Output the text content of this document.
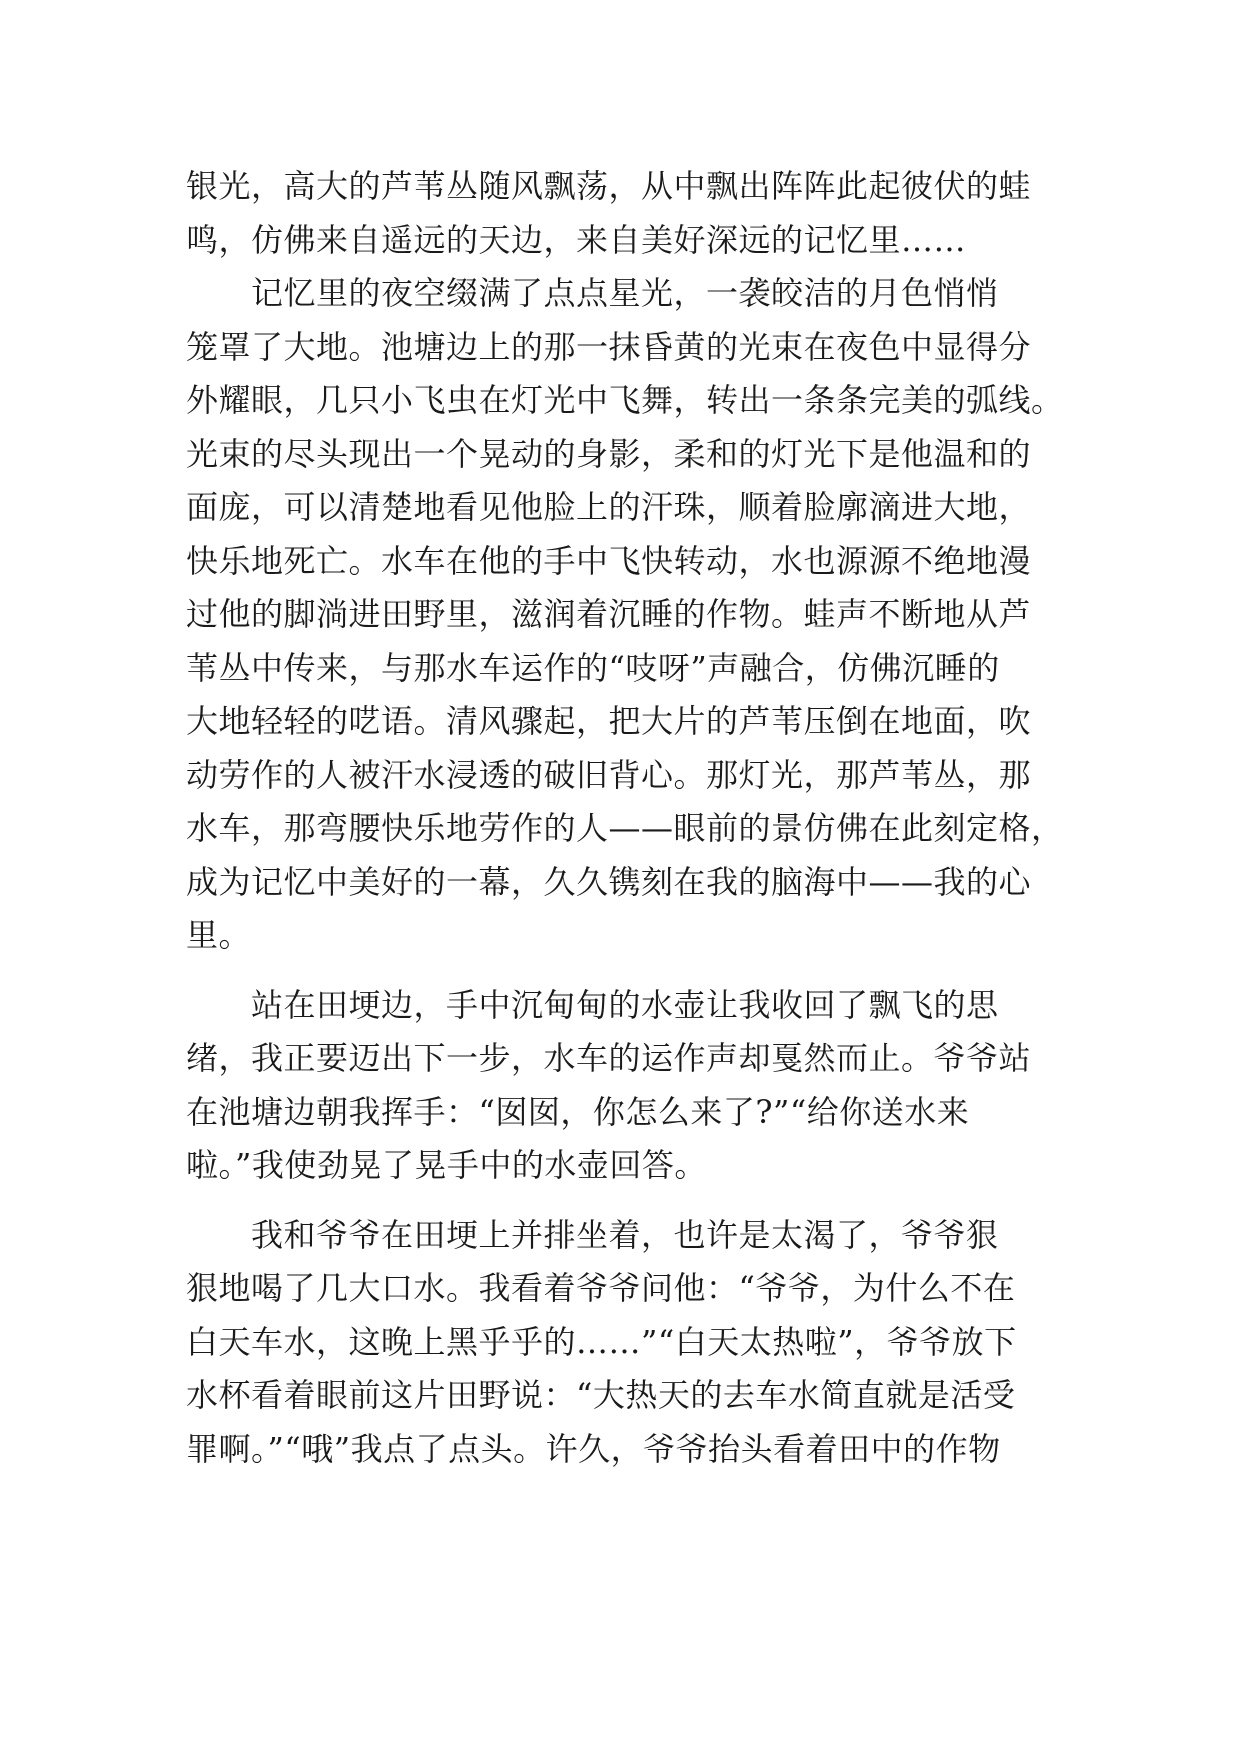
银光，高大的芦苇丛随风飘荡，从中飘出阵阵此起彼伏的蛙
鸣，仿佛来自遥远的天边，来自美好深远的记忆里……
　　记忆里的夜空缀满了点点星光，一袭皎洁的月色悄悄
笼罩了大地。池塘边上的那一抹昏黄的光束在夜色中显得分
外耀眼，几只小飞虫在灯光中飞舞，转出一条条完美的弧线。
光束的尽头现出一个晃动的身影，柔和的灯光下是他温和的
面庞，可以清楚地看见他脸上的汗珠，顺着脸廓滴进大地，
快乐地死亡。水车在他的手中飞快转动，水也源源不绝地漫
过他的脚淌进田野里，滋润着沉睡的作物。蛙声不断地从芦
苇丛中传来，与那水车运作的“吱呀”声融合，仿佛沉睡的
大地轻轻的呓语。清风骤起，把大片的芦苇压倒在地面，吹
动劳作的人被汗水浸透的破旧背心。那灯光，那芦苇丛，那
水车，那弯腰快乐地劳作的人——眼前的景仿佛在此刻定格，
成为记忆中美好的一幕，久久镌刻在我的脑海中——我的心
里。
　　站在田埂边，手中沉甸甸的水壶让我收回了飘飞的思
绪，我正要迈出下一步，水车的运作声却戛然而止。爷爷站
在池塘边朝我挥手：“囡囡，你怎么来了?”“给你送水来
啦。”我使劲晃了晃手中的水壶回答。
　　我和爷爷在田埂上并排坐着，也许是太渴了，爷爷狠
狠地喝了几大口水。我看着爷爷问他：“爷爷，为什么不在
白天车水，这晚上黑乎乎的……”“白天太热啦”，爷爷放下
水杯看着眼前这片田野说：“大热天的去车水简直就是活受
罪啊。”“哦”我点了点头。许久，爷爷抬头看着田中的作物
